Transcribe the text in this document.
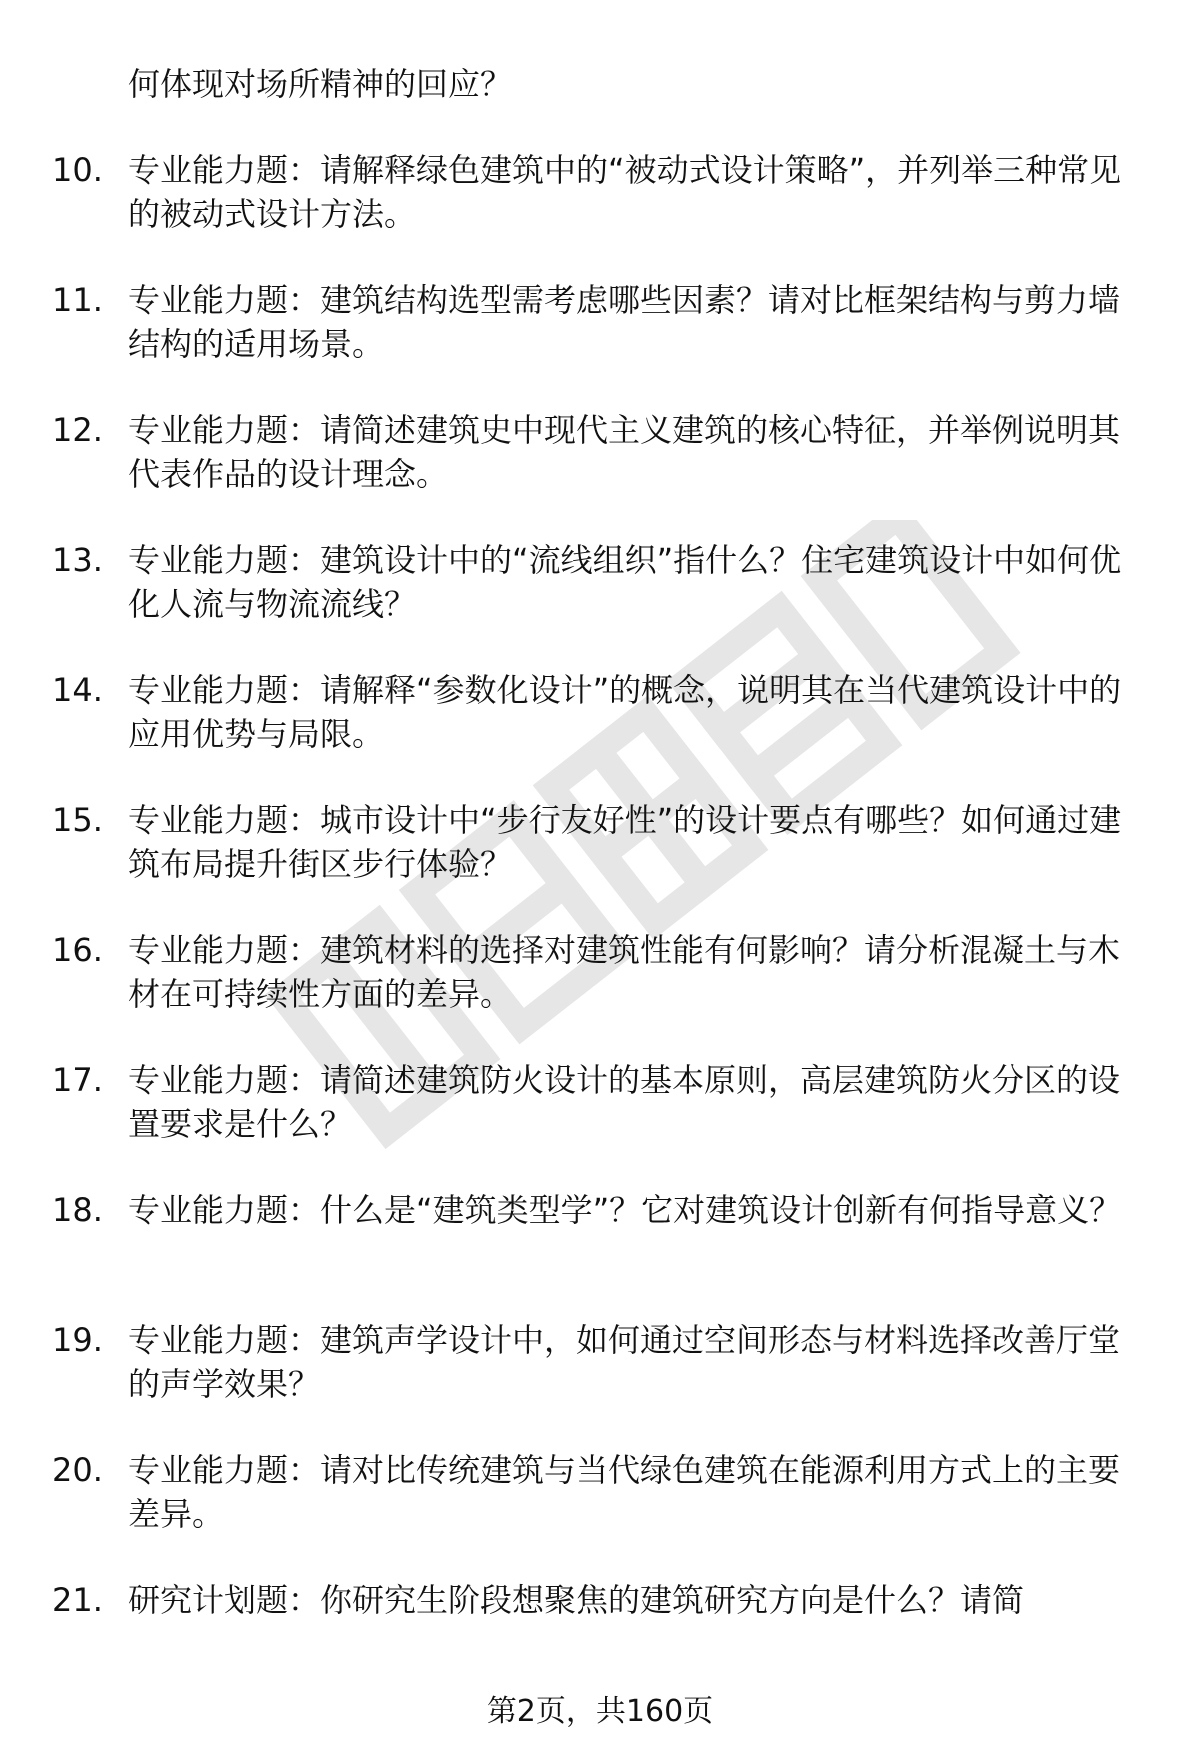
何体现对场所精神的回应？

10. 专业能力题：请解释绿色建筑中的“被动式设计策略”，并列举三种常见的被动式设计方法。

11. 专业能力题：建筑结构选型需考虑哪些因素？请对比框架结构与剪力墙结构的适用场景。

12. 专业能力题：请简述建筑史中现代主义建筑的核心特征，并举例说明其代表作品的设计理念。

13. 专业能力题：建筑设计中的“流线组织”指什么？住宅建筑设计中如何优化人流与物流流线？

14. 专业能力题：请解释“参数化设计”的概念，说明其在当代建筑设计中的应用优势与局限。

15. 专业能力题：城市设计中“步行友好性”的设计要点有哪些？如何通过建筑布局提升街区步行体验？

16. 专业能力题：建筑材料的选择对建筑性能有何影响？请分析混凝土与木材在可持续性方面的差异。

17. 专业能力题：请简述建筑防火设计的基本原则，高层建筑防火分区的设置要求是什么？

18. 专业能力题：什么是“建筑类型学”？它对建筑设计创新有何指导意义？

19. 专业能力题：建筑声学设计中，如何通过空间形态与材料选择改善厅堂的声学效果？

20. 专业能力题：请对比传统建筑与当代绿色建筑在能源利用方式上的主要差异。

21. 研究计划题：你研究生阶段想聚焦的建筑研究方向是什么？请简

第2页，共160页
